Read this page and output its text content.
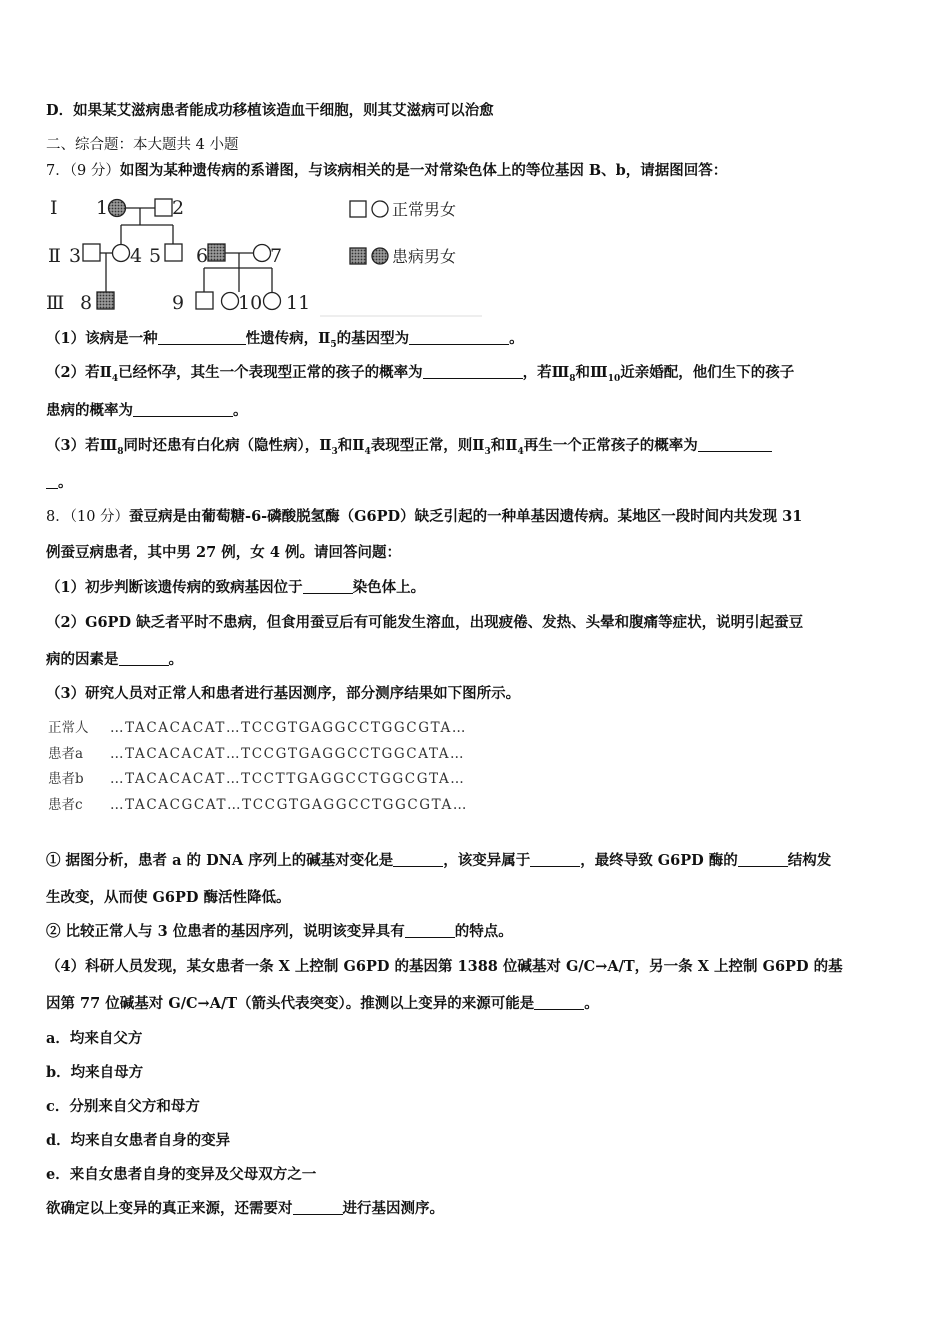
D．如果某艾滋病患者能成功移植该造血干细胞，则其艾滋病可以治愈
二、综合题：本大题共 4 小题
7．（9 分）如图为某种遗传病的系谱图，与该病相关的是一对常染色体上的等位基因 B、b，请据图回答：
I
Ⅱ
Ⅲ
1	2
3	4 5 6	7
8	9	10 11
正常男女
患病男女
（1）该病是一种	性遗传病，$Ⅱ_5$的基因型为	。
（2）若$Ⅱ_4$已经怀孕，其生一个表现型正常的孩子的概率为	，若$Ⅲ_8$和$Ⅲ_{10}$近亲婚配，他们生下的孩子
患病的概率为	。
（3）若$Ⅲ_8$同时还患有白化病（隐性病），$Ⅱ_3$和$Ⅱ_4$表现型正常，则$Ⅱ_3$和$Ⅱ_4$再生一个正常孩子的概率为
。
8．（10 分）蚕豆病是由葡萄糖-6-磷酸脱氢酶（G6PD）缺乏引起的一种单基因遗传病。某地区一段时间内共发现 31
例蚕豆病患者，其中男 27 例，女 4 例。请回答问题：
（1）初步判断该遗传病的致病基因位于	染色体上。
（2）G6PD 缺乏者平时不患病，但食用蚕豆后有可能发生溶血，出现疲倦、发热、头晕和腹痛等症状，说明引起蚕豆
病的因素是	。
（3）研究人员对正常人和患者进行基因测序，部分测序结果如下图所示。
正常人 …TACACACAT…TCCGTGAGGCCTGGCGTA…
患者a …TACACACAT…TCCGTGAGGCCTGGCATA…
患者b …TACACACAT…TCCTTGAGGCCTGGCGTA…
患者c …TACACGCAT…TCCGTGAGGCCTGGCGTA…
① 据图分析，患者 a 的 DNA 序列上的碱基对变化是	，该变异属于	，最终导致 G6PD 酶的	结构发
生改变，从而使 G6PD 酶活性降低。
② 比较正常人与 3 位患者的基因序列，说明该变异具有	的特点。
（4）科研人员发现，某女患者一条 X 上控制 G6PD 的基因第 1388 位碱基对 G/C→A/T，另一条 X 上控制 G6PD 的基
因第 77 位碱基对 G/C→A/T（箭头代表突变）。推测以上变异的来源可能是	。
a．均来自父方
b．均来自母方
c．分别来自父方和母方
d．均来自女患者自身的变异
e．来自女患者自身的变异及父母双方之一
欲确定以上变异的真正来源，还需要对	进行基因测序。
